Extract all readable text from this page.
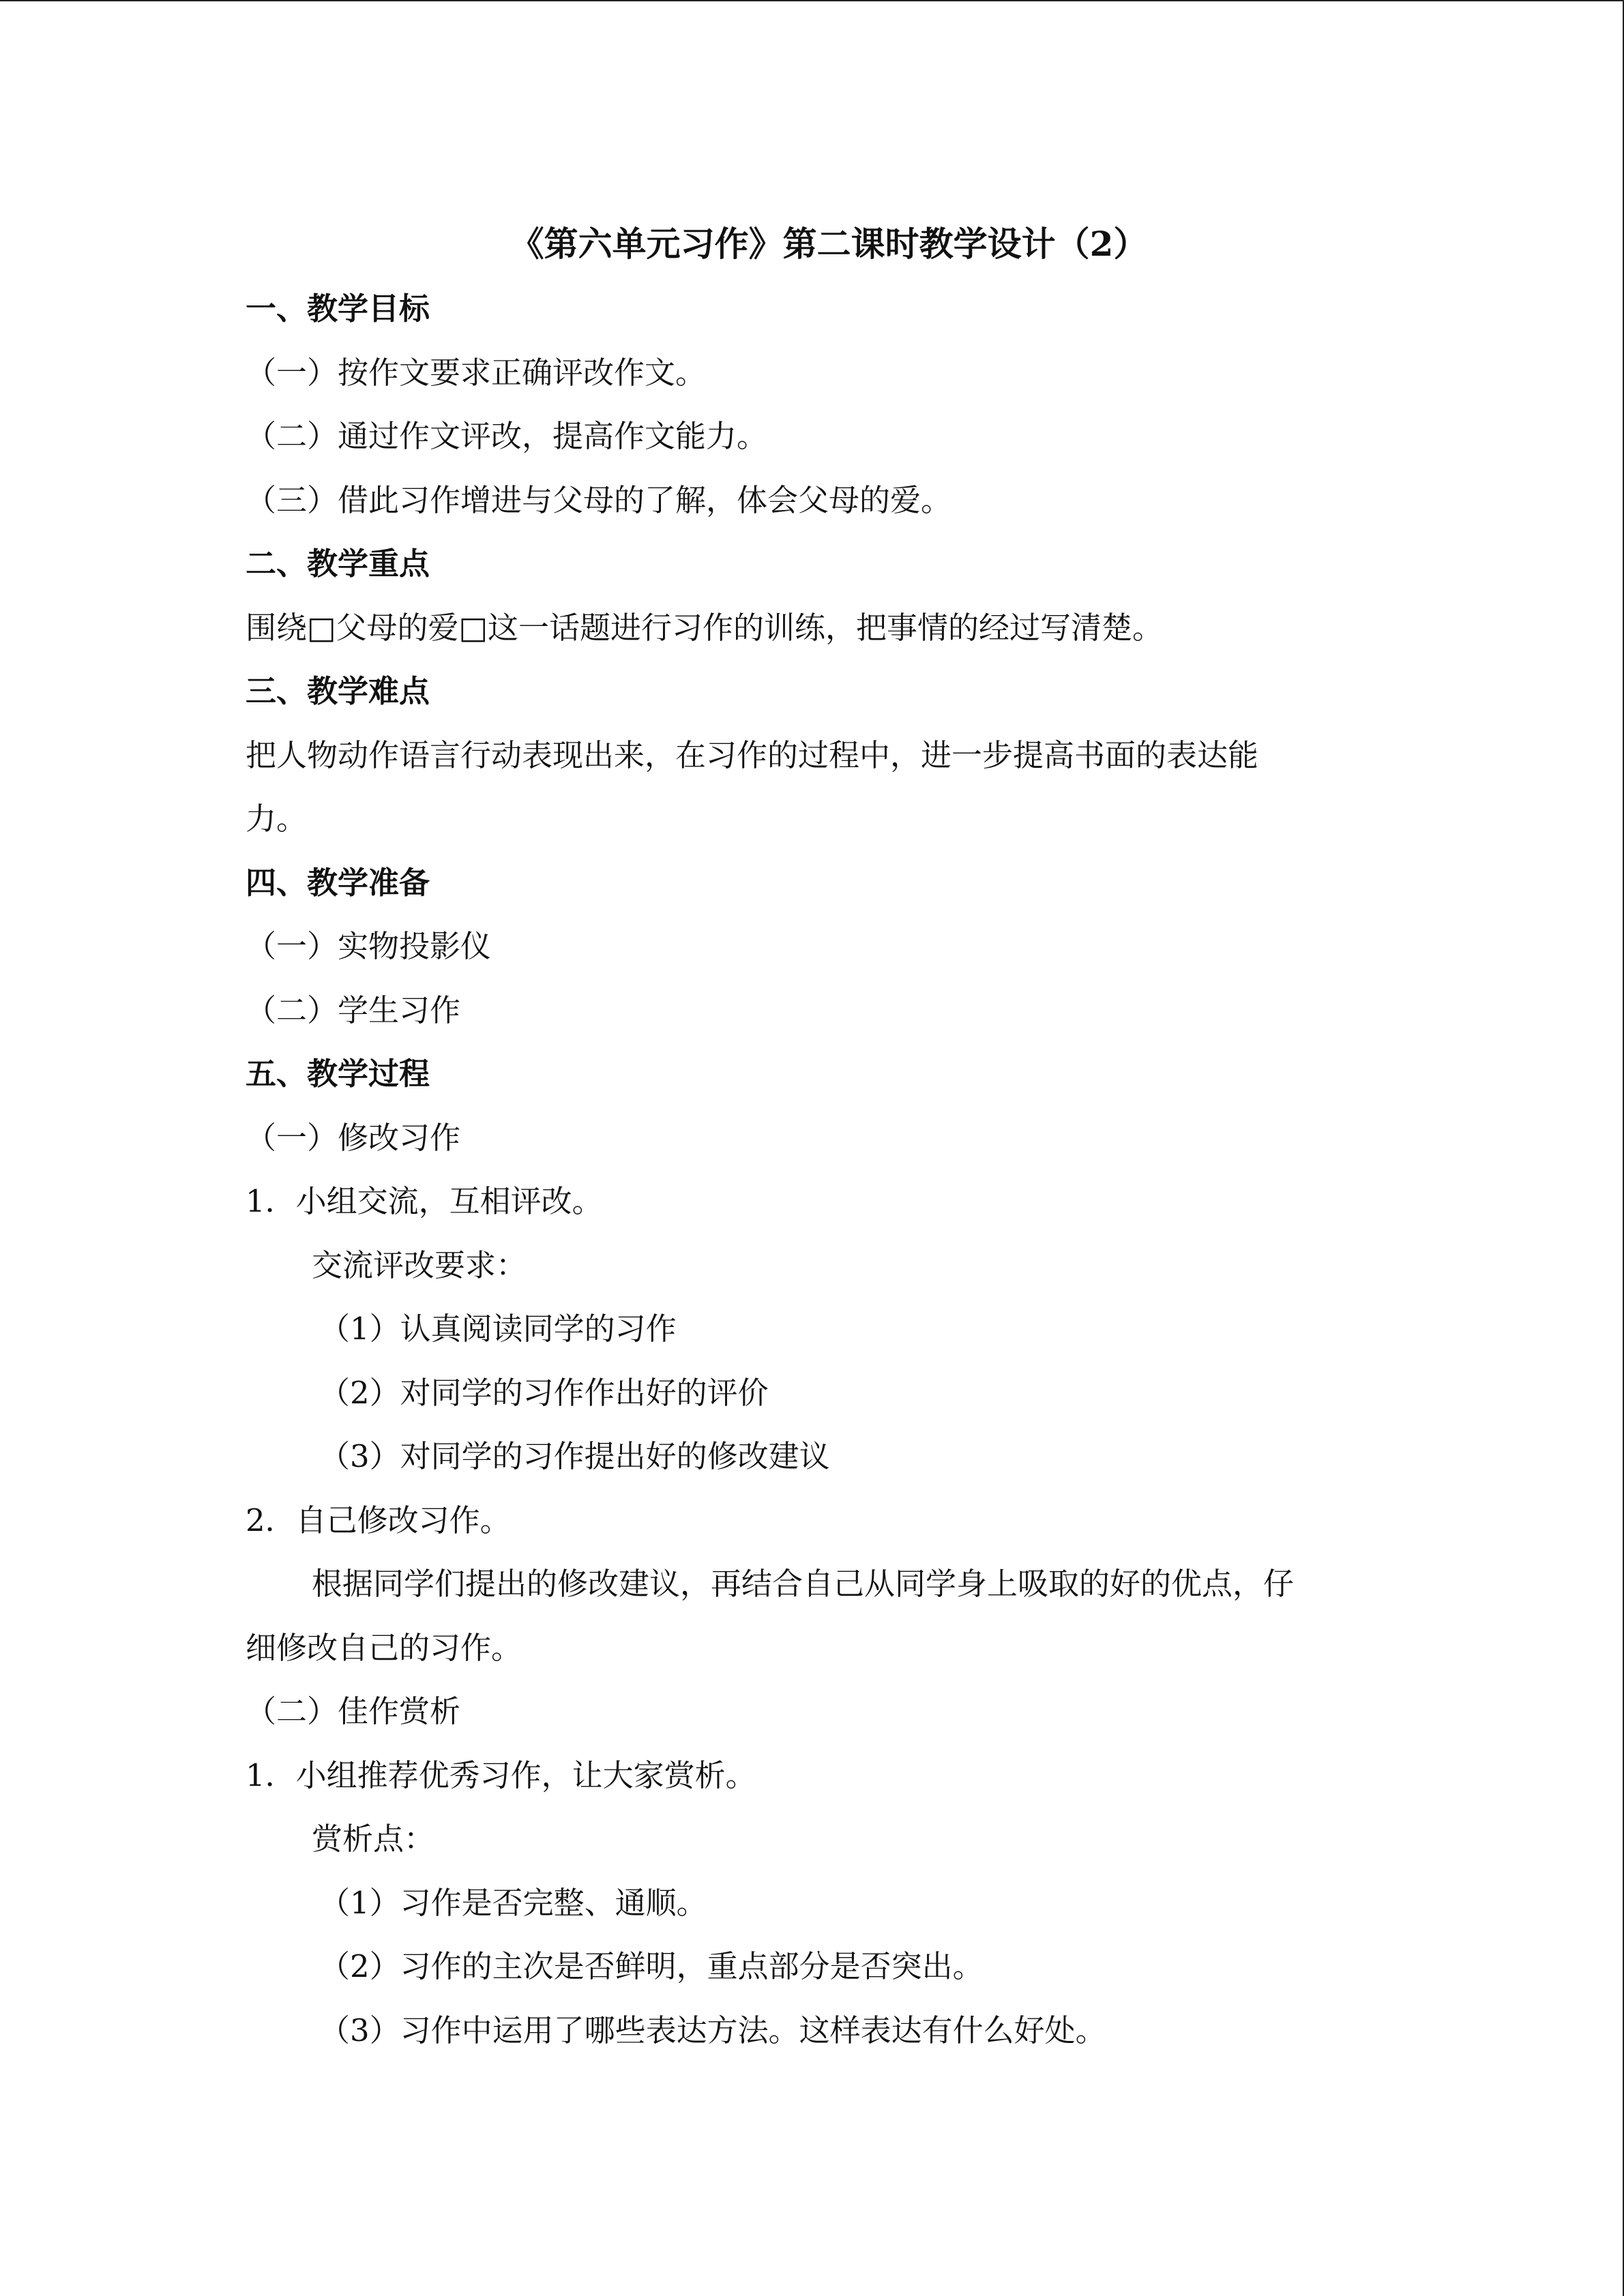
《第六单元习作》第二课时教学设计（2）
一、教学目标
（一）按作文要求正确评改作文。
（二）通过作文评改，提高作文能力。
（三）借此习作增进与父母的了解，体会父母的爱。
二、教学重点
围绕□父母的爱□这一话题进行习作的训练，把事情的经过写清楚。
三、教学难点
把人物动作语言行动表现出来，在习作的过程中，进一步提高书面的表达能
力。
四、教学准备
（一）实物投影仪
（二）学生习作
五、教学过程
（一）修改习作
1．小组交流，互相评改。
交流评改要求：
（1）认真阅读同学的习作
（2）对同学的习作作出好的评价
（3）对同学的习作提出好的修改建议
2．自己修改习作。
根据同学们提出的修改建议，再结合自己从同学身上吸取的好的优点，仔
细修改自己的习作。
（二）佳作赏析
1．小组推荐优秀习作，让大家赏析。
赏析点：
（1）习作是否完整、通顺。
（2）习作的主次是否鲜明，重点部分是否突出。
（3）习作中运用了哪些表达方法。这样表达有什么好处。
